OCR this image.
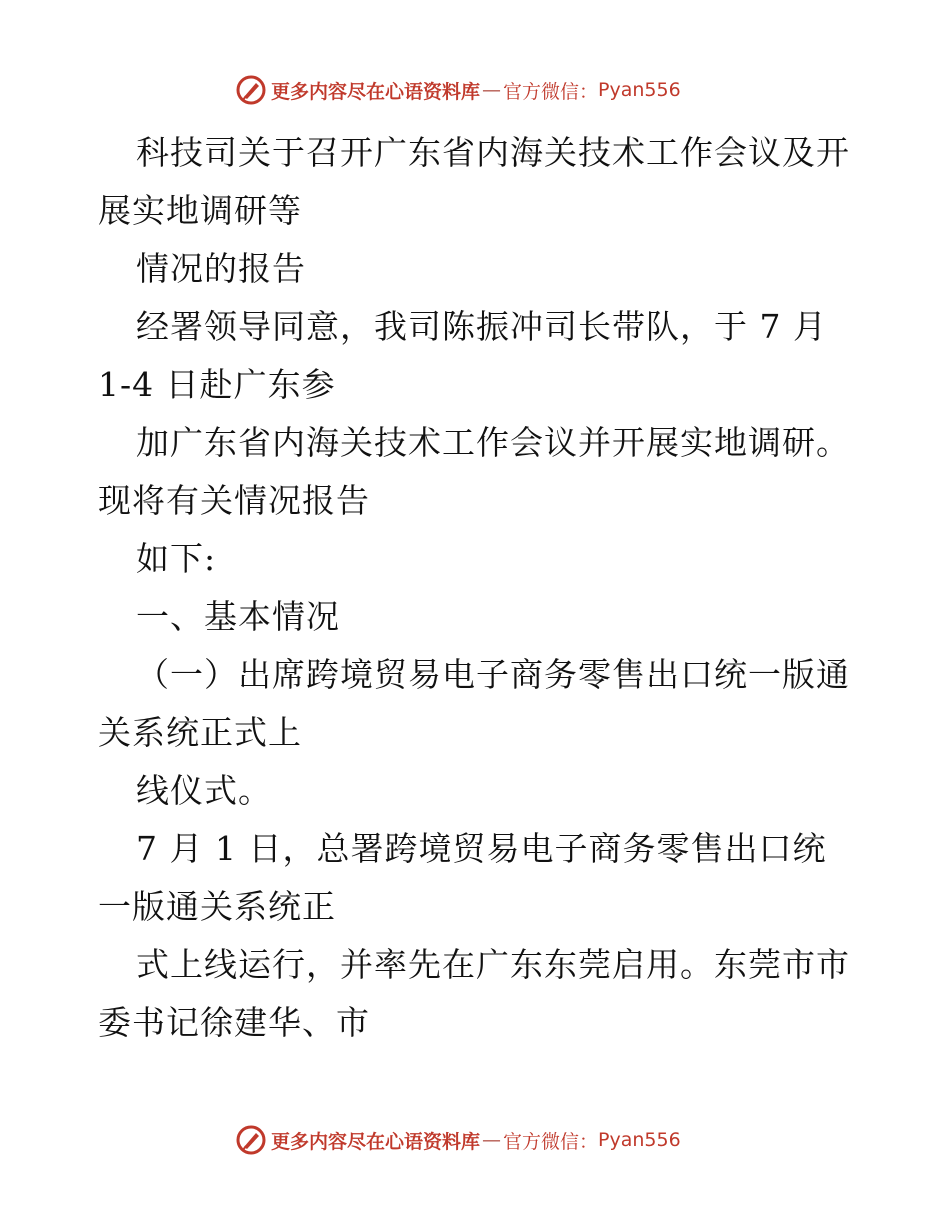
更多内容尽在心语资料库 — 官方微信： Pyan556

科技司关于召开广东省内海关技术工作会议及开

展实地调研等

情况的报告

经署领导同意，我司陈振冲司长带队，于 7 月

1-4 日赴广东参

加广东省内海关技术工作会议并开展实地调研。

现将有关情况报告

如下:

一、基本情况

（一）出席跨境贸易电子商务零售出口统一版通

关系统正式上

线仪式。

7 月 1 日，总署跨境贸易电子商务零售出口统

一版通关系统正

式上线运行，并率先在广东东莞启用。东莞市市

委书记徐建华、市

更多内容尽在心语资料库 — 官方微信： Pyan556
